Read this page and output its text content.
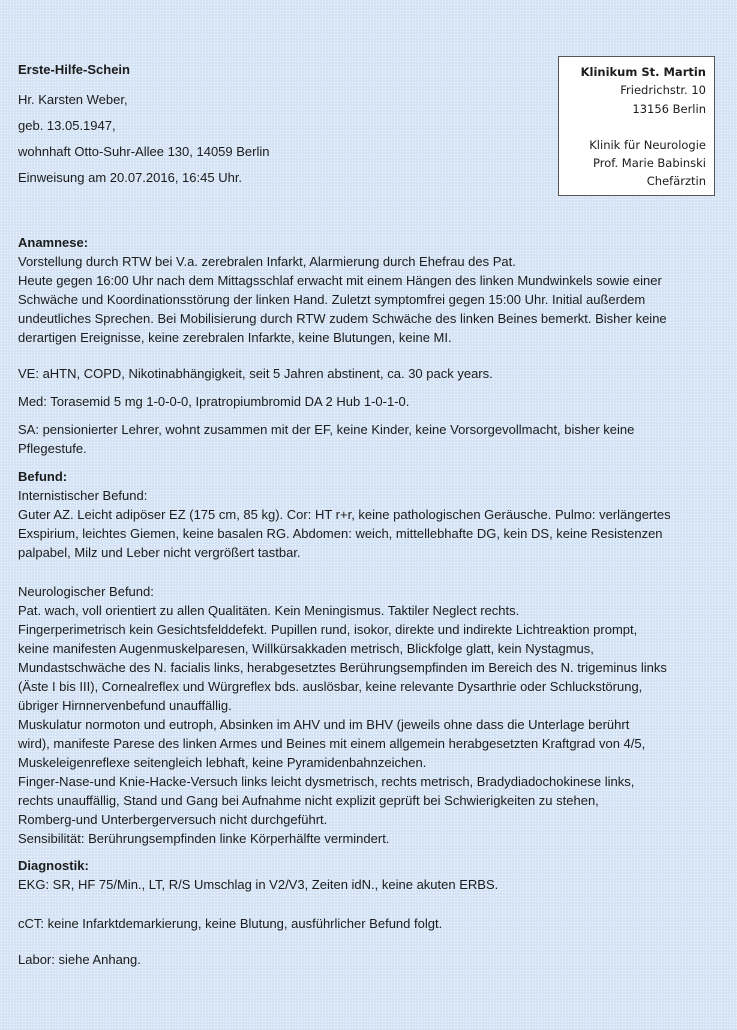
Erste-Hilfe-Schein
Hr. Karsten Weber,
geb. 13.05.1947,
wohnhaft Otto-Suhr-Allee 130, 14059 Berlin
Einweisung am 20.07.2016, 16:45 Uhr.
Klinikum St. Martin
Friedrichstr. 10
13156 Berlin
Klinik für Neurologie
Prof. Marie Babinski
Chefärztin

Anamnese:

Vorstellung durch RTW bei V.a. zerebralen Infarkt, Alarmierung durch Ehefrau des Pat.

Heute gegen 16:00 Uhr nach dem Mittagsschlaf erwacht mit einem Hängen des linken Mundwinkels sowie einer

Schwäche und Koordinationsstörung der linken Hand. Zuletzt symptomfrei gegen 15:00 Uhr. Initial außerdem

undeutliches Sprechen. Bei Mobilisierung durch RTW zudem Schwäche des linken Beines bemerkt. Bisher keine

derartigen Ereignisse, keine zerebralen Infarkte, keine Blutungen, keine MI.

VE: aHTN, COPD, Nikotinabhängigkeit, seit 5 Jahren abstinent, ca. 30 pack years.

Med: Torasemid 5 mg 1-0-0-0, Ipratropiumbromid DA 2 Hub 1-0-1-0.

SA: pensionierter Lehrer, wohnt zusammen mit der EF, keine Kinder, keine Vorsorgevollmacht, bisher keine

Pflegestufe.

Befund:

Internistischer Befund:

Guter AZ. Leicht adipöser EZ (175 cm, 85 kg). Cor: HT r+r, keine pathologischen Geräusche. Pulmo: verlängertes

Exspirium, leichtes Giemen, keine basalen RG. Abdomen: weich, mittellebhafte DG, kein DS, keine Resistenzen

palpabel, Milz und Leber nicht vergrößert tastbar.

Neurologischer Befund:

Pat. wach, voll orientiert zu allen Qualitäten. Kein Meningismus. Taktiler Neglect rechts.

Fingerperimetrisch kein Gesichtsfelddefekt. Pupillen rund, isokor, direkte und indirekte Lichtreaktion prompt,

keine manifesten Augenmuskelparesen, Willkürsakkaden metrisch, Blickfolge glatt, kein Nystagmus,

Mundastschwäche des N. facialis links, herabgesetztes Berührungsempfinden im Bereich des N. trigeminus links

(Äste I bis III), Cornealreflex und Würgreflex bds. auslösbar, keine relevante Dysarthrie oder Schluckstörung,

übriger Hirnnervenbefund unauffällig.

Muskulatur normoton und eutroph, Absinken im AHV und im BHV (jeweils ohne dass die Unterlage berührt

wird), manifeste Parese des linken Armes und Beines mit einem allgemein herabgesetzten Kraftgrad von 4/5,

Muskeleigenreflexe seitengleich lebhaft, keine Pyramidenbahnzeichen.

Finger-Nase-und Knie-Hacke-Versuch links leicht dysmetrisch, rechts metrisch, Bradydiadochokinese links,

rechts unauffällig, Stand und Gang bei Aufnahme nicht explizit geprüft bei Schwierigkeiten zu stehen,

Romberg-und Unterbergerversuch nicht durchgeführt.

Sensibilität: Berührungsempfinden linke Körperhälfte vermindert.

Diagnostik:

EKG: SR, HF 75/Min., LT, R/S Umschlag in V2/V3, Zeiten idN., keine akuten ERBS.

cCT: keine Infarktdemarkierung, keine Blutung, ausführlicher Befund folgt.

Labor: siehe Anhang.
